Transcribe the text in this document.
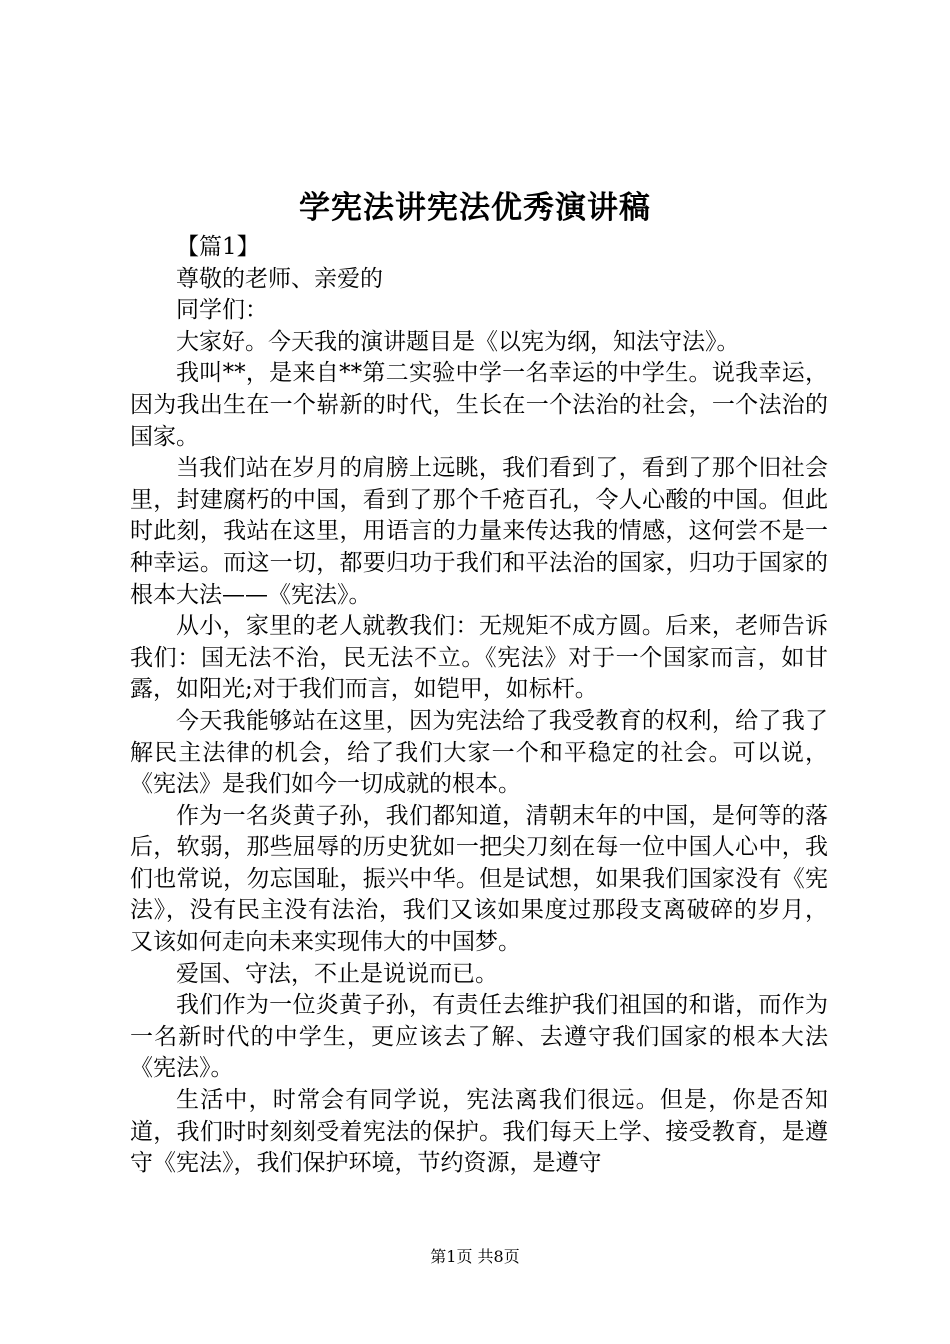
学宪法讲宪法优秀演讲稿

【篇1】

尊敬的老师、亲爱的

同学们：

大家好。今天我的演讲题目是《以宪为纲，知法守法》。

我叫**，是来自**第二实验中学一名幸运的中学生。说我幸运，因为我出生在一个崭新的时代，生长在一个法治的社会，一个法治的国家。

当我们站在岁月的肩膀上远眺，我们看到了，看到了那个旧社会里，封建腐朽的中国，看到了那个千疮百孔，令人心酸的中国。但此时此刻，我站在这里，用语言的力量来传达我的情感，这何尝不是一种幸运。而这一切，都要归功于我们和平法治的国家，归功于国家的根本大法——《宪法》。

从小，家里的老人就教我们：无规矩不成方圆。后来，老师告诉我们：国无法不治，民无法不立。《宪法》对于一个国家而言，如甘露，如阳光;对于我们而言，如铠甲，如标杆。

今天我能够站在这里，因为宪法给了我受教育的权利，给了我了解民主法律的机会，给了我们大家一个和平稳定的社会。可以说，《宪法》是我们如今一切成就的根本。

作为一名炎黄子孙，我们都知道，清朝末年的中国，是何等的落后，软弱，那些屈辱的历史犹如一把尖刀刻在每一位中国人心中，我们也常说，勿忘国耻，振兴中华。但是试想，如果我们国家没有《宪法》，没有民主没有法治，我们又该如果度过那段支离破碎的岁月，又该如何走向未来实现伟大的中国梦。

爱国、守法，不止是说说而已。

我们作为一位炎黄子孙，有责任去维护我们祖国的和谐，而作为一名新时代的中学生，更应该去了解、去遵守我们国家的根本大法《宪法》。

生活中，时常会有同学说，宪法离我们很远。但是，你是否知道，我们时时刻刻受着宪法的保护。我们每天上学、接受教育，是遵守《宪法》，我们保护环境，节约资源，是遵守

第1页 共8页
